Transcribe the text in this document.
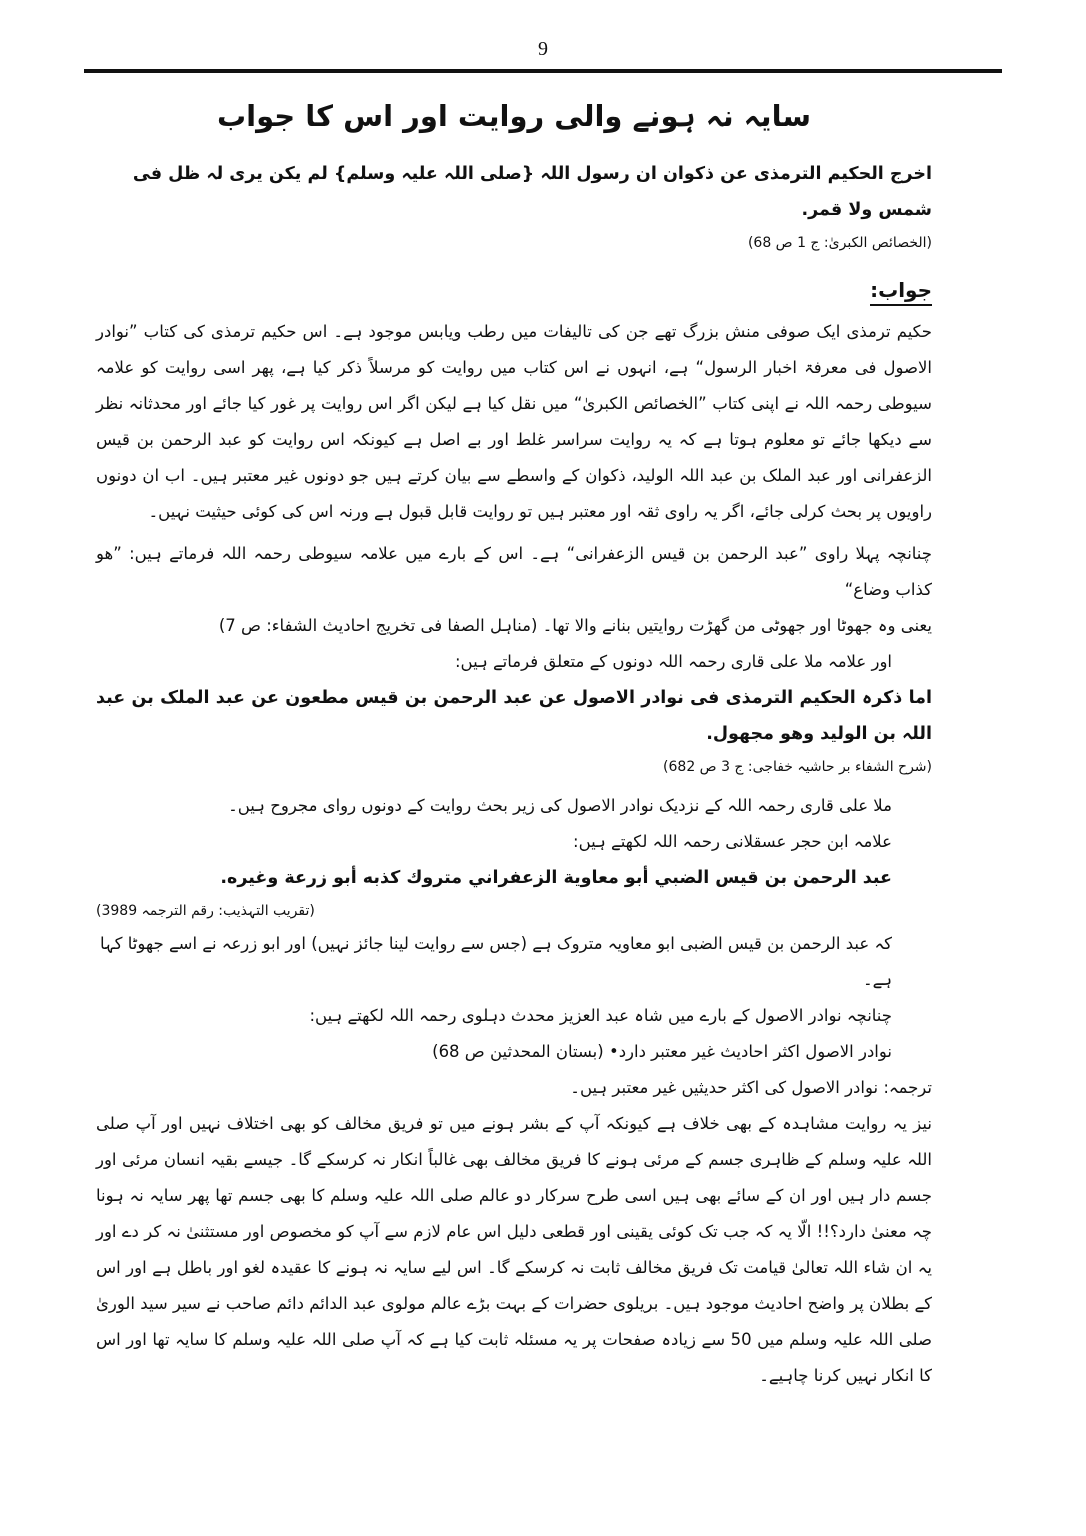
9
سایہ نہ ہونے والی روایت اور اس کا جواب

اخرج الحکیم الترمذی عن ذکوان ان رسول اللہ {صلی اللہ علیہ وسلم} لم یکن یری لہ ظل فی شمس ولا قمر.

(الخصائص الکبریٰ: ج 1 ص 68)

جواب:

حکیم ترمذی ایک صوفی منش بزرگ تھے جن کی تالیفات میں رطب ویابس موجود ہے۔ اس حکیم ترمذی کی کتاب ”نوادر الاصول فی معرفۃ اخبار الرسول“ ہے، انہوں نے اس کتاب میں روایت کو مرسلاً ذکر کیا ہے، پھر اسی روایت کو علامہ سیوطی رحمہ اللہ نے اپنی کتاب ”الخصائص الکبریٰ“ میں نقل کیا ہے لیکن اگر اس روایت پر غور کیا جائے اور محدثانہ نظر سے دیکھا جائے تو معلوم ہوتا ہے کہ یہ روایت سراسر غلط اور بے اصل ہے کیونکہ اس روایت کو عبد الرحمن بن قیس الزعفرانی اور عبد الملک بن عبد اللہ الولید، ذکوان کے واسطے سے بیان کرتے ہیں جو دونوں غیر معتبر ہیں۔ اب ان دونوں راویوں پر بحث کرلی جائے، اگر یہ راوی ثقہ اور معتبر ہیں تو روایت قابل قبول ہے ورنہ اس کی کوئی حیثیت نہیں۔

چنانچہ پہلا راوی ”عبد الرحمن بن قیس الزعفرانی“ ہے۔ اس کے بارے میں علامہ سیوطی رحمہ اللہ فرماتے ہیں: ”هو کذاب وضاع“

یعنی وہ جھوٹا اور جھوٹی من گھڑت روایتیں بنانے والا تھا۔ (مناہل الصفا فی تخریج احادیث الشفاء: ص 7)

اور علامہ ملا علی قاری رحمہ اللہ دونوں کے متعلق فرماتے ہیں:

اما ذکرہ الحکیم الترمذی فی نوادر الاصول عن عبد الرحمن بن قیس مطعون عن عبد الملک بن عبد اللہ بن الولید وهو مجهول.

(شرح الشفاء بر حاشیہ خفاجی: ج 3 ص 682)

ملا علی قاری رحمہ اللہ کے نزدیک نوادر الاصول کی زیر بحث روایت کے دونوں روای مجروح ہیں۔

علامہ ابن حجر عسقلانی رحمہ اللہ لکھتے ہیں:

عبد الرحمن بن قيس الضبي أبو معاوية الزعفراني متروك كذبه أبو زرعة وغيره.

(تقریب التہذیب: رقم الترجمہ 3989)

کہ عبد الرحمن بن قیس الضبی ابو معاویہ متروک ہے (جس سے روایت لینا جائز نہیں) اور ابو زرعہ نے اسے جھوٹا کہا ہے۔

چنانچہ نوادر الاصول کے بارے میں شاہ عبد العزیز محدث دہلوی رحمہ اللہ لکھتے ہیں:

نوادر الاصول اکثر احادیث غیر معتبر دارد• (بستان المحدثین ص 68)

ترجمہ: نوادر الاصول کی اکثر حدیثیں غیر معتبر ہیں۔

نیز یہ روایت مشاہدہ کے بھی خلاف ہے کیونکہ آپ کے بشر ہونے میں تو فریق مخالف کو بھی اختلاف نہیں اور آپ صلی اللہ علیہ وسلم کے ظاہری جسم کے مرئی ہونے کا فریق مخالف بھی غالباً انکار نہ کرسکے گا۔ جیسے بقیہ انسان مرئی اور جسم دار ہیں اور ان کے سائے بھی ہیں اسی طرح سرکار دو عالم صلی اللہ علیہ وسلم کا بھی جسم تھا پھر سایہ نہ ہونا چہ معنیٰ دارد؟!! الّا یہ کہ جب تک کوئی یقینی اور قطعی دلیل اس عام لازم سے آپ کو مخصوص اور مستثنیٰ نہ کر دے اور یہ ان شاء اللہ تعالیٰ قیامت تک فریق مخالف ثابت نہ کرسکے گا۔ اس لیے سایہ نہ ہونے کا عقیدہ لغو اور باطل ہے اور اس کے بطلان پر واضح احادیث موجود ہیں۔ بریلوی حضرات کے بہت بڑے عالم مولوی عبد الدائم دائم صاحب نے سیر سید الوریٰ صلی اللہ علیہ وسلم میں 50 سے زیادہ صفحات پر یہ مسئلہ ثابت کیا ہے کہ آپ صلی اللہ علیہ وسلم کا سایہ تھا اور اس کا انکار نہیں کرنا چاہیے۔
